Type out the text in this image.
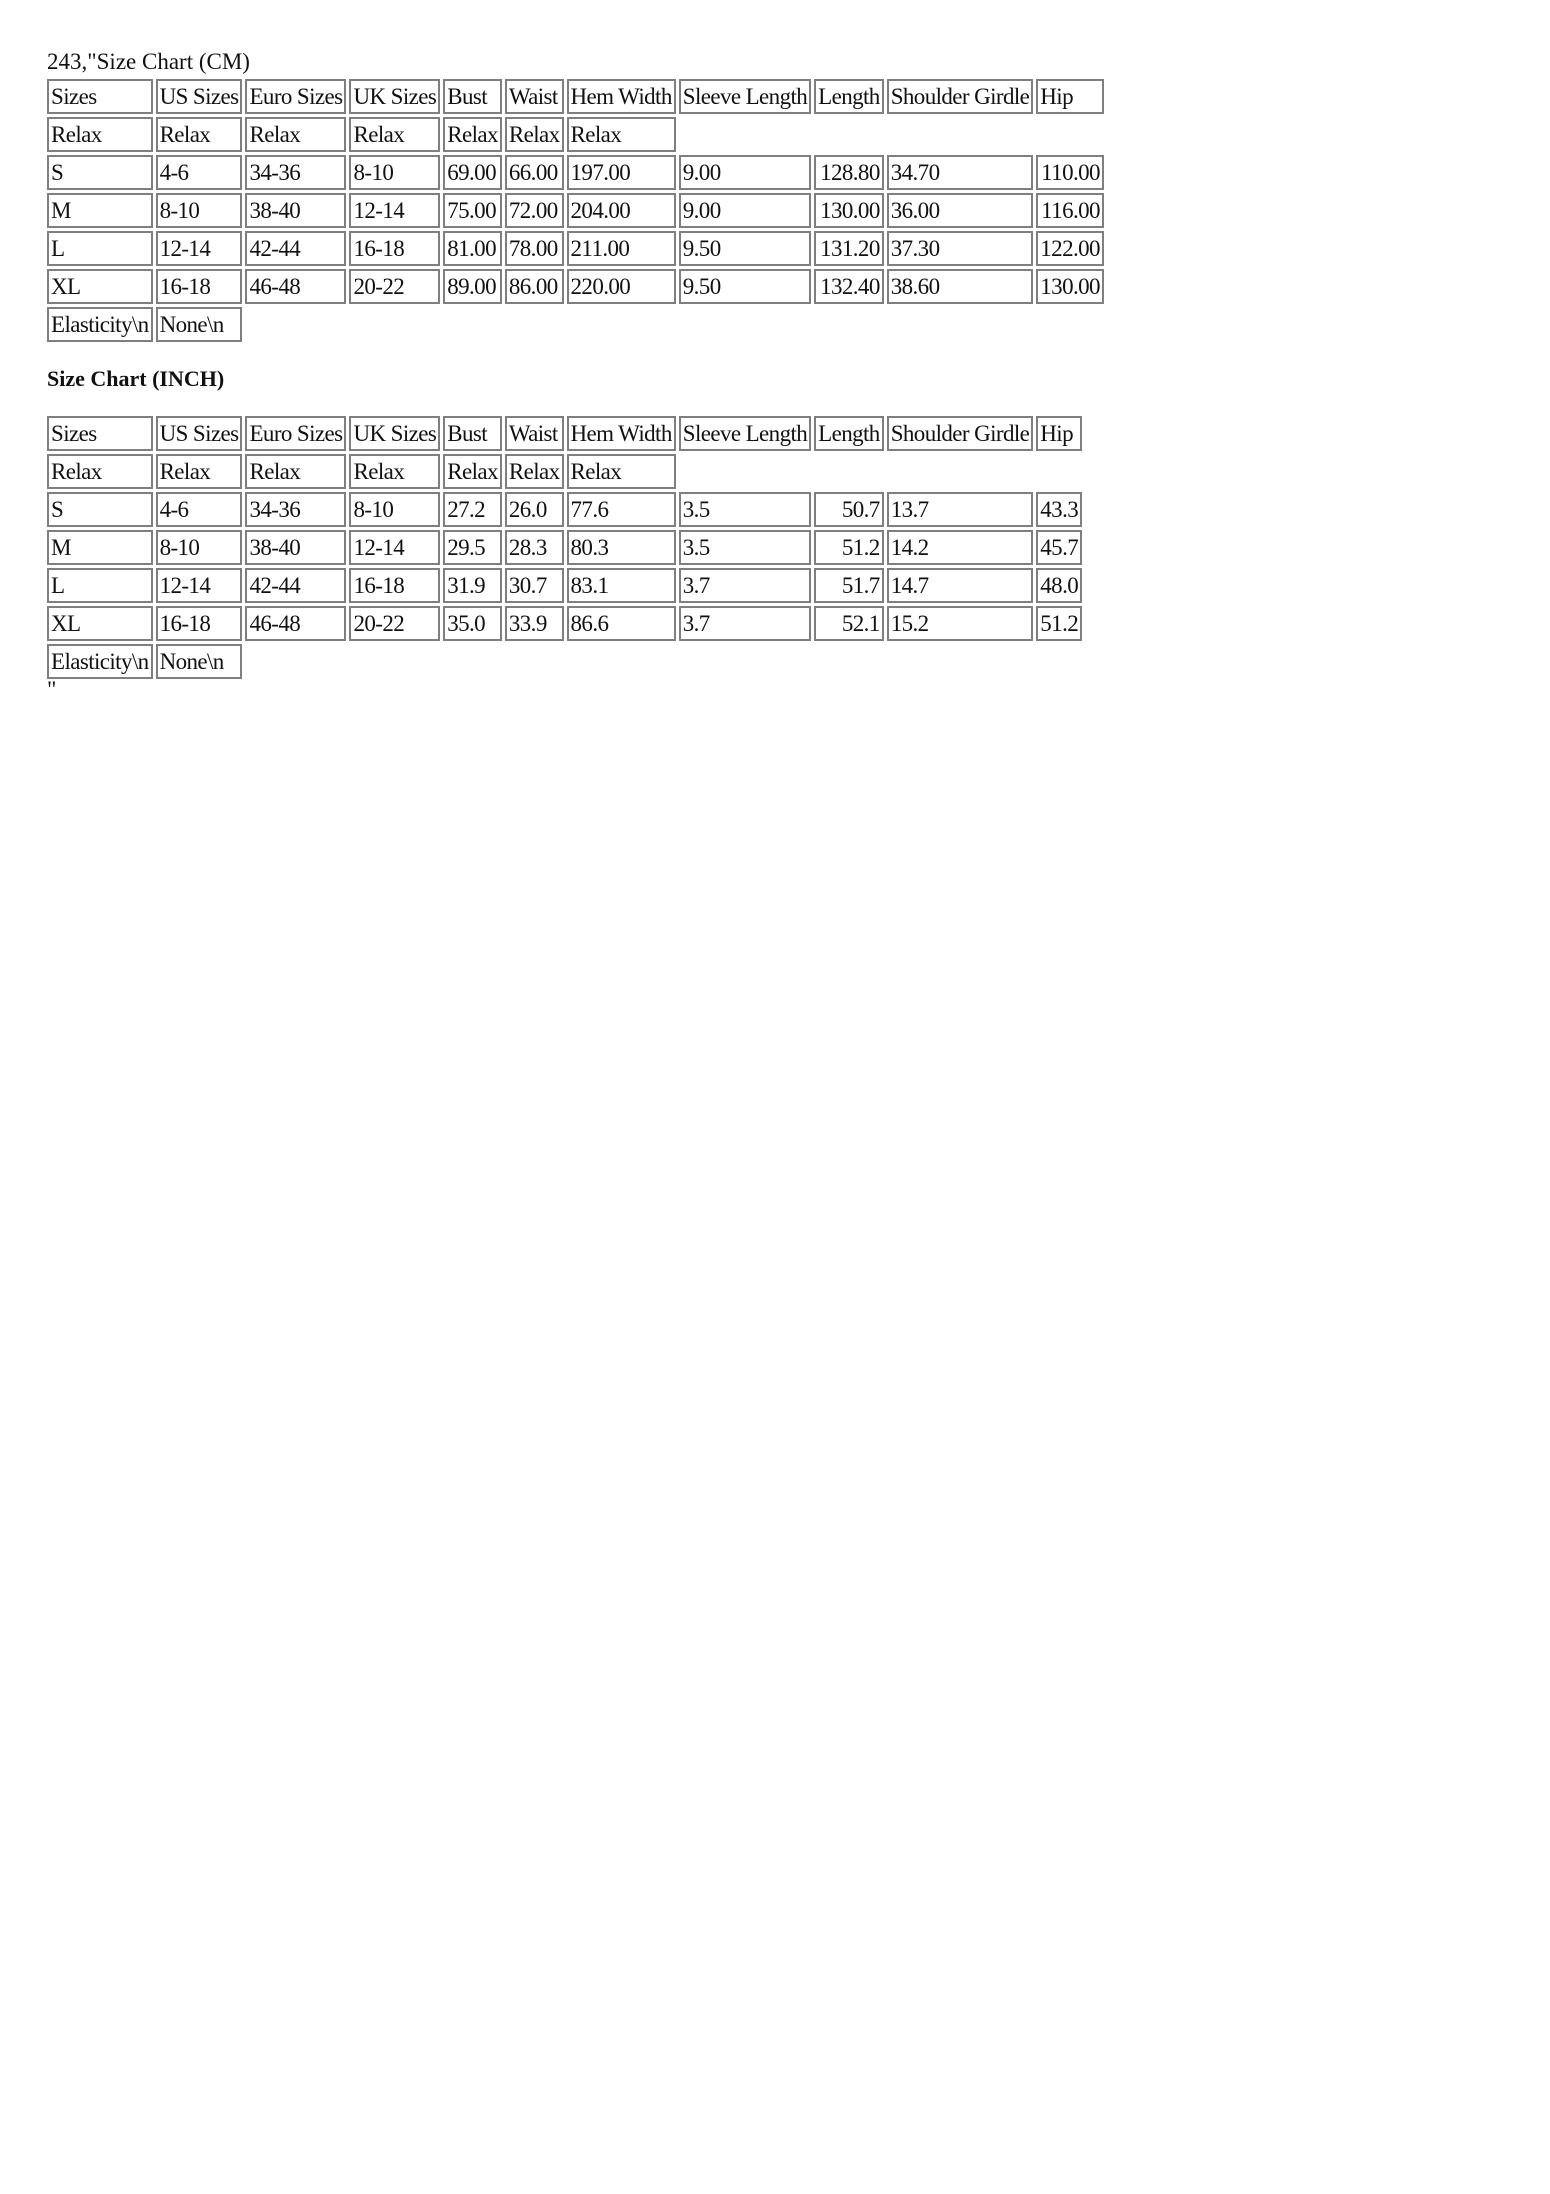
243,"Size Chart (CM)
Sizes	US Sizes	Euro Sizes	UK Sizes	Bust	Waist	Hem Width	Sleeve Length	Length	Shoulder Girdle	Hip
Relax	Relax	Relax	Relax	Relax	Relax	Relax				
S	4-6	34-36	8-10	69.00	66.00	197.00	9.00	128.80	34.70	110.00
M	8-10	38-40	12-14	75.00	72.00	204.00	9.00	130.00	36.00	116.00
L	12-14	42-44	16-18	81.00	78.00	211.00	9.50	131.20	37.30	122.00
XL	16-18	46-48	20-22	89.00	86.00	220.00	9.50	132.40	38.60	130.00
Elasticity\n	None\n									
Size Chart (INCH)
Sizes	US Sizes	Euro Sizes	UK Sizes	Bust	Waist	Hem Width	Sleeve Length	Length	Shoulder Girdle	Hip
Relax	Relax	Relax	Relax	Relax	Relax	Relax				
S	4-6	34-36	8-10	27.2	26.0	77.6	3.5	50.7	13.7	43.3
M	8-10	38-40	12-14	29.5	28.3	80.3	3.5	51.2	14.2	45.7
L	12-14	42-44	16-18	31.9	30.7	83.1	3.7	51.7	14.7	48.0
XL	16-18	46-48	20-22	35.0	33.9	86.6	3.7	52.1	15.2	51.2
Elasticity\n	None\n									
"
